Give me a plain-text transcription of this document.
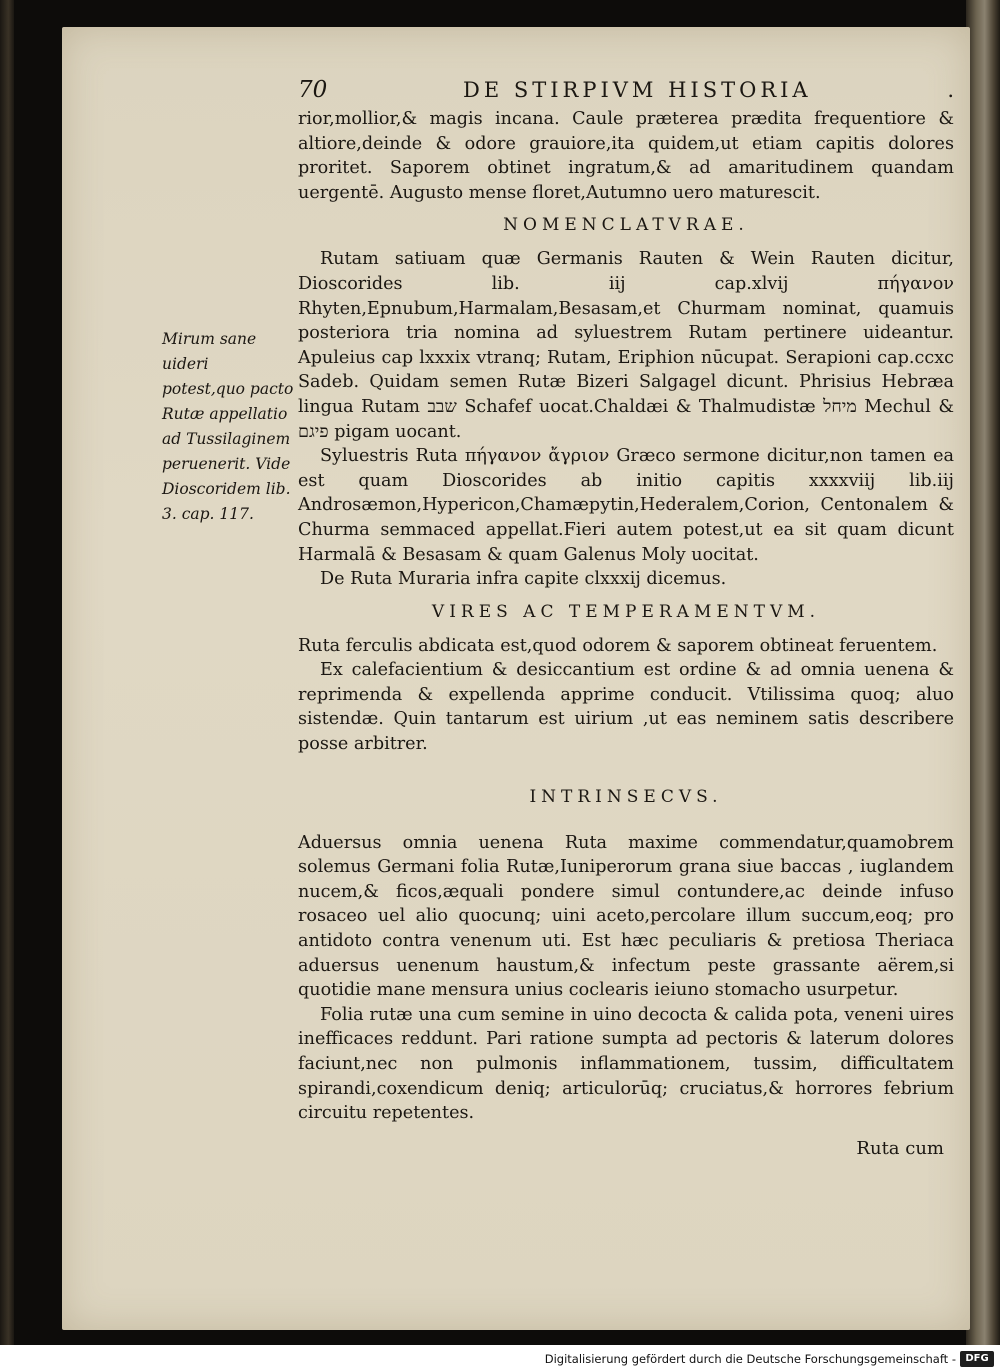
Mirum sane uideri potest,quo pacto Rutæ appellatio ad Tussilaginem peruenerit. Vide Dioscoridem lib. 3. cap. 117.
70	DE STIRPIVM HISTORIA	.

rior,mollior,& magis incana. Caule præterea prædita frequentiore & altiore,deinde & odore grauiore,ita quidem,ut etiam capitis dolores proritet. Saporem obtinet ingratum,& ad amaritudinem quandam uergentē. Augusto mense floret,Autumno uero maturescit.

NOMENCLATVRAE.

Rutam satiuam quæ Germanis Rauten & Wein Rauten dicitur, Dioscorides lib. iij cap.xlvij πήγανον Rhyten,Epnubum,Harmalam,Besasam,et Churmam nominat, quamuis posteriora tria nomina ad syluestrem Rutam pertinere uideantur. Apuleius cap lxxxix vtranq; Rutam, Eriphion nūcupat. Serapioni cap.ccxc Sadeb. Quidam semen Rutæ Bizeri Salgagel dicunt. Phrisius Hebræa lingua Rutam שבב Schafef uocat.Chaldæi & Thalmudistæ מיחל Mechul & פיגם pigam uocant.

Syluestris Ruta πήγανον ἄγριον Græco sermone dicitur,non tamen ea est quam Dioscorides ab initio capitis xxxxviij lib.iij Androsæmon,Hypericon,Chamæpytin,Hederalem,Corion, Centonalem & Churma semmaced appellat.Fieri autem potest,ut ea sit quam dicunt Harmalā & Besasam & quam Galenus Moly uocitat.

De Ruta Muraria infra capite clxxxij dicemus.

VIRES AC TEMPERAMENTVM.

Ruta ferculis abdicata est,quod odorem & saporem obtineat feruentem.

Ex calefacientium & desiccantium est ordine & ad omnia uenena & reprimenda & expellenda apprime conducit. Vtilissima quoq; aluo sistendæ. Quin tantarum est uirium ,ut eas neminem satis describere posse arbitrer.

INTRINSECVS.

Aduersus omnia uenena Ruta maxime commendatur,quamobrem solemus Germani folia Rutæ,Iuniperorum grana siue baccas , iuglandem nucem,& ficos,æquali pondere simul contundere,ac deinde infuso rosaceo uel alio quocunq; uini aceto,percolare illum succum,eoq; pro antidoto contra venenum uti. Est hæc peculiaris & pretiosa Theriaca aduersus uenenum haustum,& infectum peste grassante aërem,si quotidie mane mensura unius coclearis ieiuno stomacho usurpetur.

Folia rutæ una cum semine in uino decocta & calida pota, veneni uires inefficaces reddunt. Pari ratione sumpta ad pectoris & laterum dolores faciunt,nec non pulmonis inflammationem, tussim, difficultatem spirandi,coxendicum deniq; articulorūq; cruciatus,& horrores febrium circuitu repetentes.

Ruta cum
Digitalisierung gefördert durch die Deutsche Forschungsgemeinschaft - DFG
